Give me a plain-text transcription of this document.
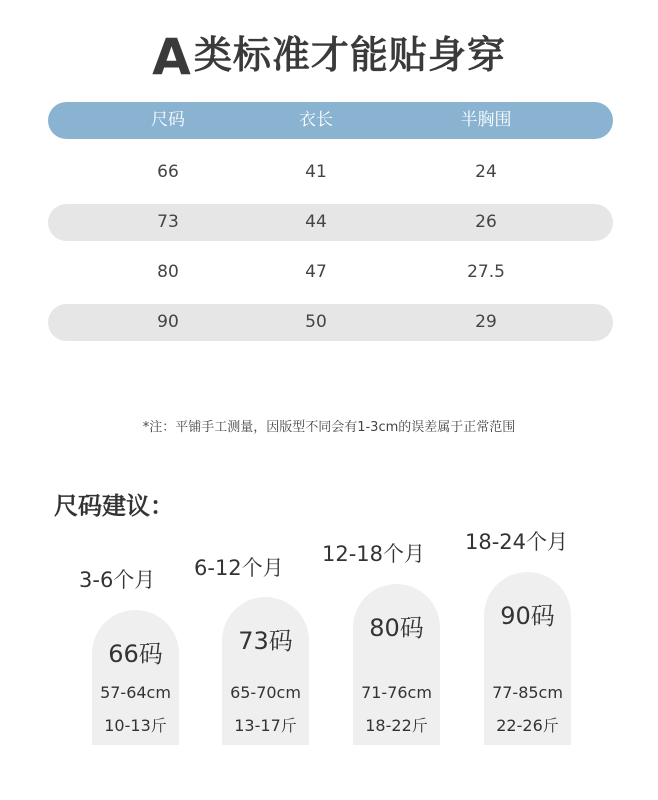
A类标准才能贴身穿
尺码	衣长	半胸围
66	41	24
73	44	26
80	47	27.5
90	50	29
*注：平铺手工测量，因版型不同会有1-3cm的误差属于正常范围
尺码建议：
3-6个月 6-12个月
12-18个月 18-24个月
66码
57-64cm
10-13斤
73码
65-70cm
13-17斤
80码
71-76cm
18-22斤
90码
77-85cm
22-26斤
